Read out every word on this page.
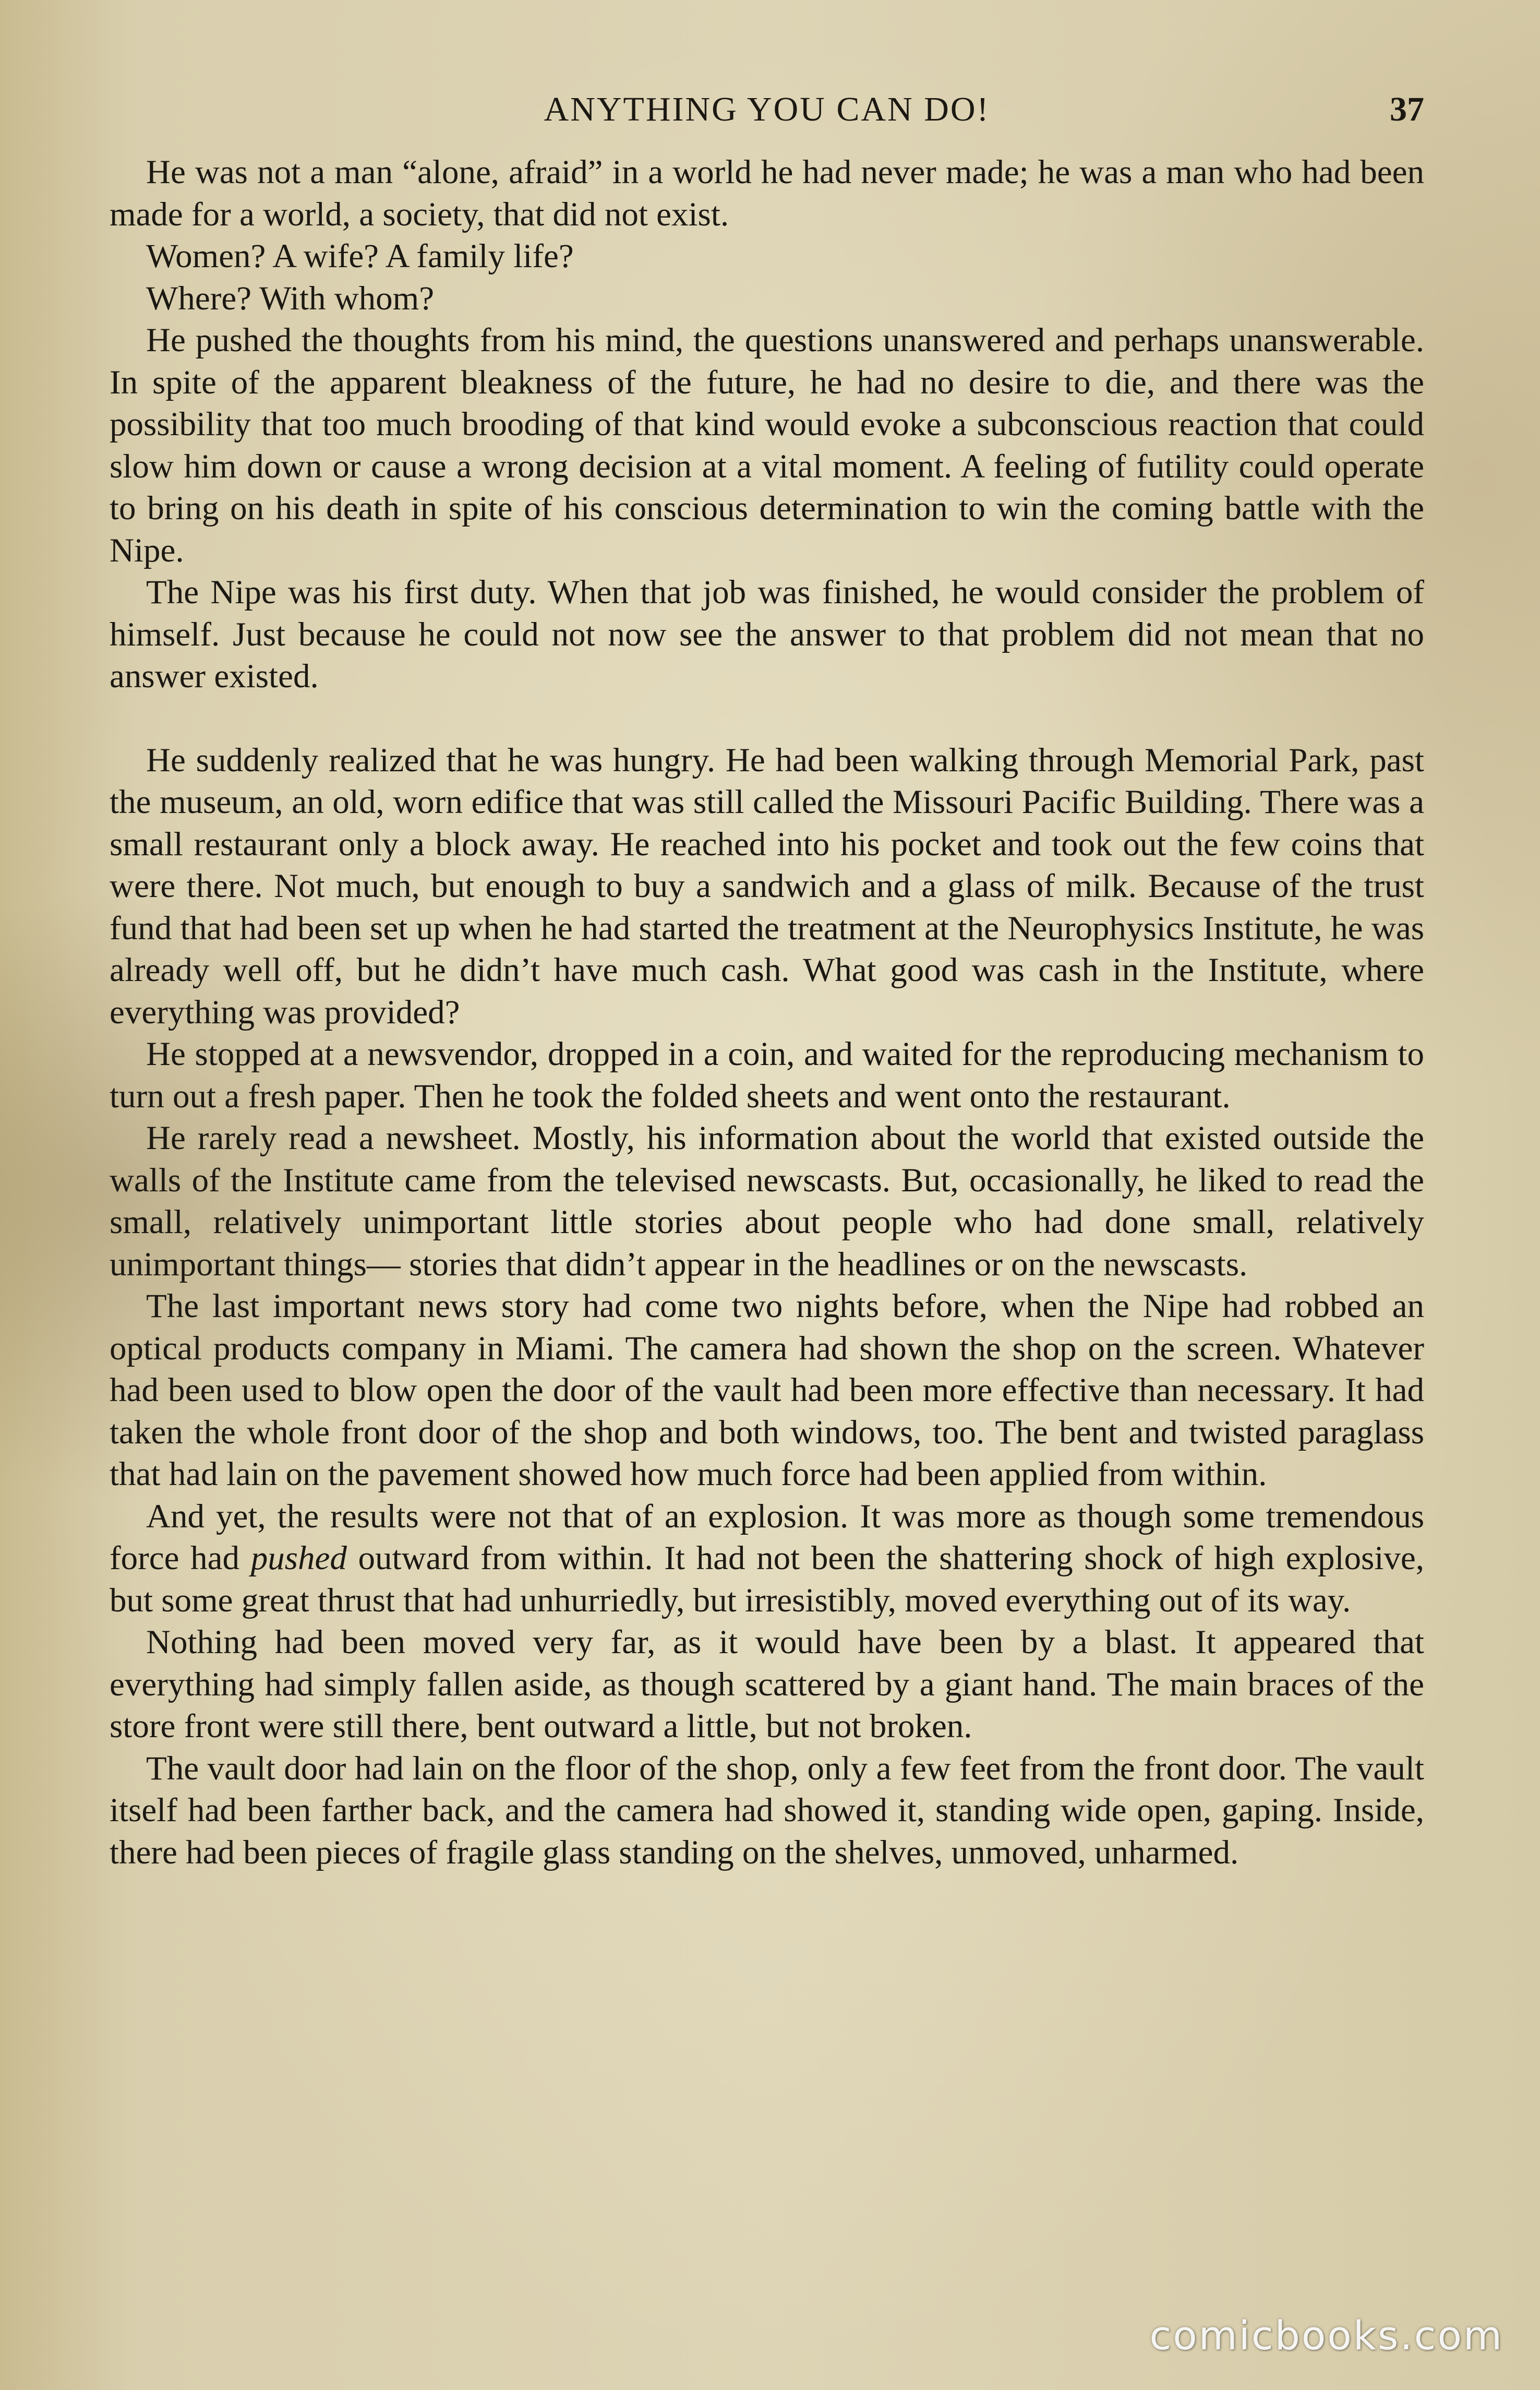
ANYTHING YOU CAN DO!	37

He was not a man “alone, afraid” in a world he had never made; he was a man who had been made for a world, a society, that did not exist.

Women? A wife? A family life?

Where? With whom?

He pushed the thoughts from his mind, the questions unanswered and perhaps unanswerable. In spite of the apparent bleakness of the future, he had no desire to die, and there was the possibility that too much brooding of that kind would evoke a subconscious reaction that could slow him down or cause a wrong decision at a vital moment. A feeling of futility could operate to bring on his death in spite of his conscious determination to win the coming battle with the Nipe.

The Nipe was his first duty. When that job was finished, he would consider the problem of himself. Just because he could not now see the answer to that problem did not mean that no answer existed.

He suddenly realized that he was hungry. He had been walking through Memorial Park, past the museum, an old, worn edifice that was still called the Missouri Pacific Building. There was a small restaurant only a block away. He reached into his pocket and took out the few coins that were there. Not much, but enough to buy a sandwich and a glass of milk. Because of the trust fund that had been set up when he had started the treatment at the Neurophysics Institute, he was already well off, but he didn’t have much cash. What good was cash in the Institute, where everything was provided?

He stopped at a newsvendor, dropped in a coin, and waited for the reproducing mechanism to turn out a fresh paper. Then he took the folded sheets and went onto the restaurant.

He rarely read a newsheet. Mostly, his information about the world that existed outside the walls of the Institute came from the televised newscasts. But, occasionally, he liked to read the small, relatively unimportant little stories about people who had done small, relatively unimportant things— stories that didn’t appear in the headlines or on the newscasts.

The last important news story had come two nights before, when the Nipe had robbed an optical products company in Miami. The camera had shown the shop on the screen. Whatever had been used to blow open the door of the vault had been more effective than necessary. It had taken the whole front door of the shop and both windows, too. The bent and twisted paraglass that had lain on the pavement showed how much force had been applied from within.

And yet, the results were not that of an explosion. It was more as though some tremendous force had pushed outward from within. It had not been the shattering shock of high explosive, but some great thrust that had unhurriedly, but irresistibly, moved everything out of its way.

Nothing had been moved very far, as it would have been by a blast. It appeared that everything had simply fallen aside, as though scattered by a giant hand. The main braces of the store front were still there, bent outward a little, but not broken.

The vault door had lain on the floor of the shop, only a few feet from the front door. The vault itself had been farther back, and the camera had showed it, standing wide open, gaping. Inside, there had been pieces of fragile glass standing on the shelves, unmoved, unharmed.

comicbooks.com
